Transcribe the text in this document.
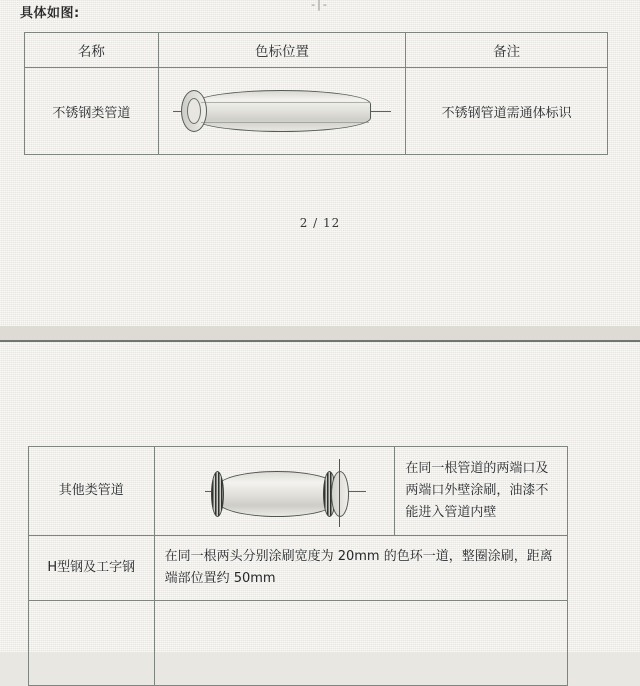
-|-
具体如图:
名称	色标位置	备注
不锈钢类管道		不锈钢管道需通体标识
2 / 12
其他类管道		在同一根管道的两端口及两端口外壁涂刷，油漆不能进入管道内壁
H型钢及工字钢	在同一根两头分别涂刷宽度为 20mm 的色环一道，整圈涂刷，距离端部位置约 50mm	
